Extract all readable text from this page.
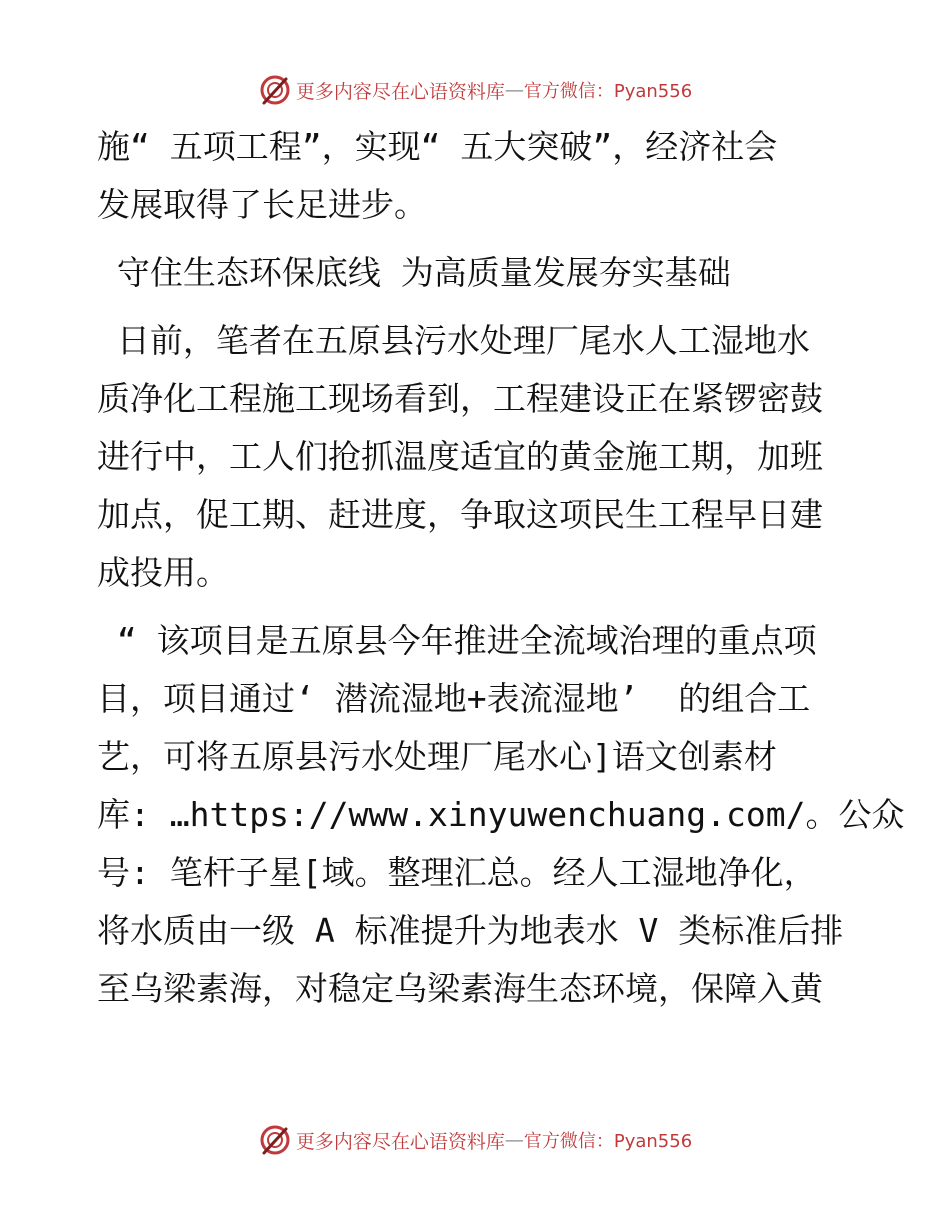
更多内容尽在心语资料库 — 官方微信：Pyan556
施“ 五项工程”，实现“ 五大突破”，经济社会
发展取得了长足进步。
守住生态环保底线 为高质量发展夯实基础
日前，笔者在五原县污水处理厂尾水人工湿地水
质净化工程施工现场看到，工程建设正在紧锣密鼓
进行中，工人们抢抓温度适宜的黄金施工期，加班
加点，促工期、赶进度，争取这项民生工程早日建
成投用。
“ 该项目是五原县今年推进全流域治理的重点项
目，项目通过‘ 潜流湿地+表流湿地’  的组合工
艺，可将五原县污水处理厂尾水心]语文创素材
库: …https://www.xinyuwenchuang.com/。公众
号: 笔杆子星[域。整理汇总。经人工湿地净化，
将水质由一级 A 标准提升为地表水 V 类标准后排
至乌梁素海，对稳定乌梁素海生态环境，保障入黄
更多内容尽在心语资料库 — 官方微信：Pyan556
